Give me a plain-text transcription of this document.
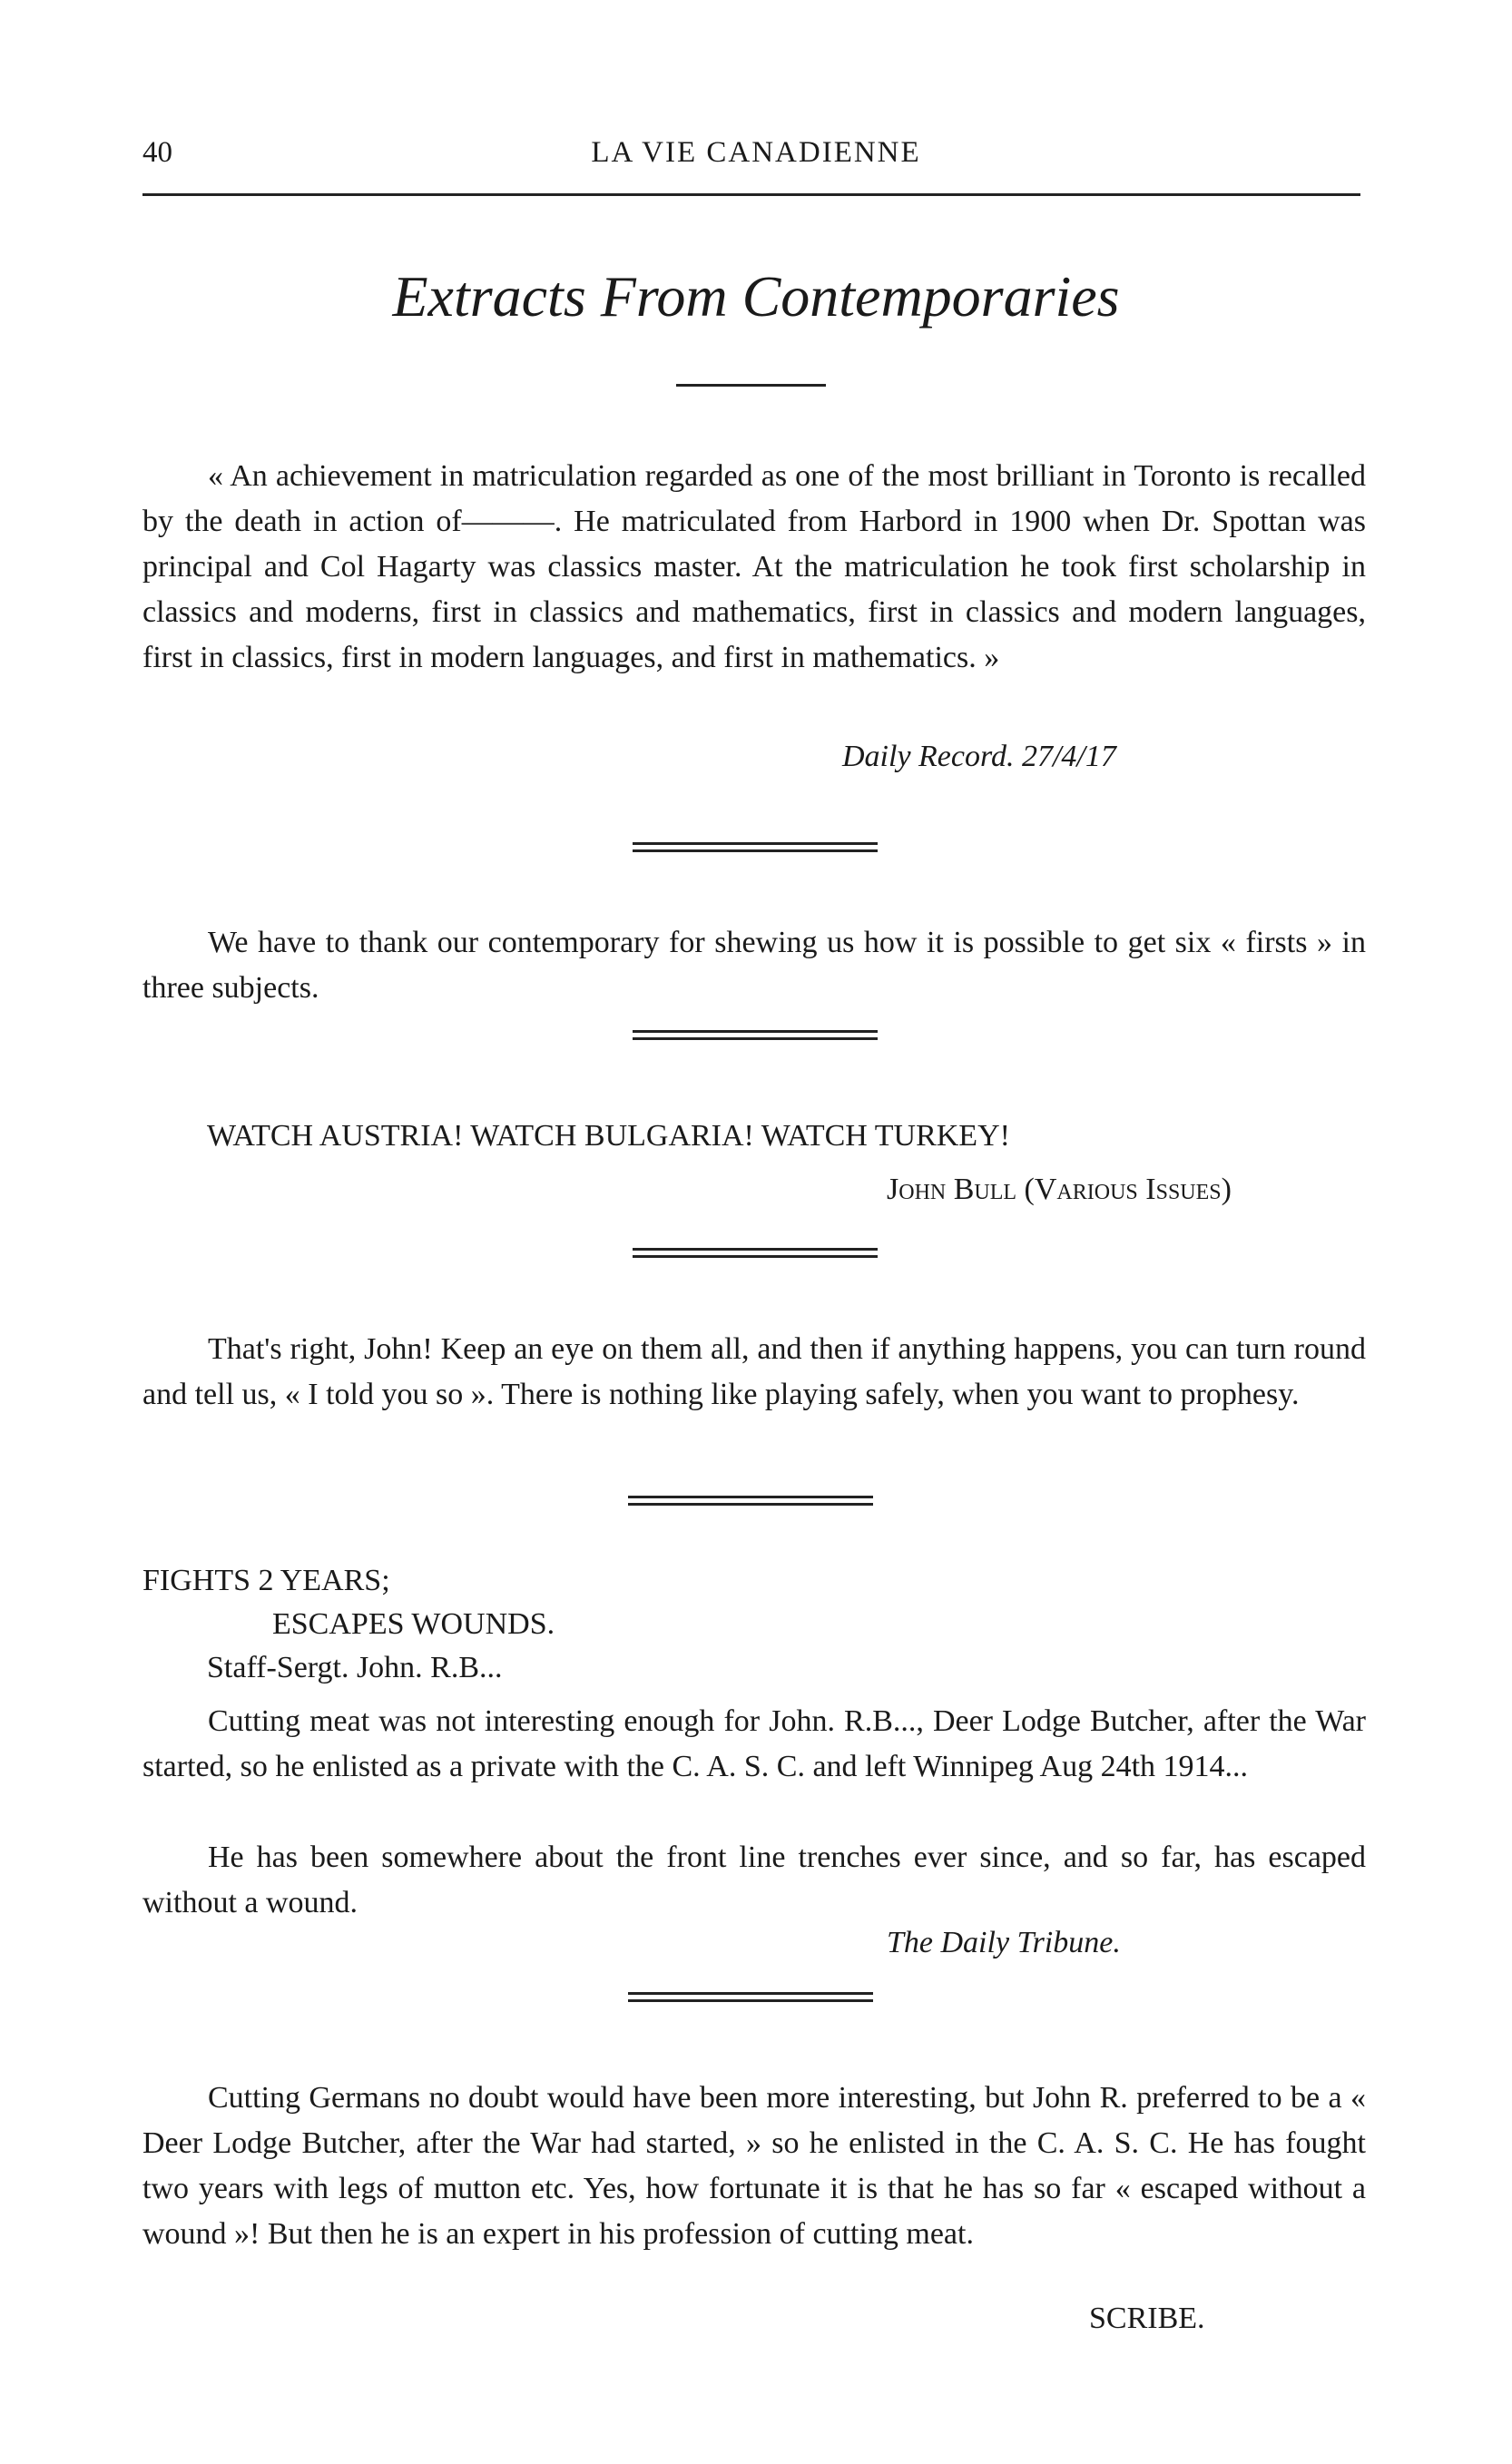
40	LA VIE CANADIENNE
Extracts From Contemporaries
« An achievement in matriculation regarded as one of the most brilliant in Toronto is recalled by the death in action of———. He matriculated from Harbord in 1900 when Dr. Spottan was principal and Col Hagarty was classics master. At the matriculation he took first scholarship in classics and moderns, first in classics and mathematics, first in classics and modern languages, first in classics, first in modern languages, and first in mathematics. »
Daily Record. 27/4/17
We have to thank our contemporary for shewing us how it is possible to get six « firsts » in three subjects.
WATCH AUSTRIA! WATCH BULGARIA! WATCH TURKEY!
John Bull (Various Issues)
That's right, John! Keep an eye on them all, and then if anything happens, you can turn round and tell us, « I told you so ». There is nothing like playing safely, when you want to prophesy.
FIGHTS 2 YEARS;
ESCAPES WOUNDS.
Staff-Sergt. John. R.B...
Cutting meat was not interesting enough for John. R.B..., Deer Lodge Butcher, after the War started, so he enlisted as a private with the C. A. S. C. and left Winnipeg Aug 24th 1914...
He has been somewhere about the front line trenches ever since, and so far, has escaped without a wound.
The Daily Tribune.
Cutting Germans no doubt would have been more interesting, but John R. preferred to be a « Deer Lodge Butcher, after the War had started, » so he enlisted in the C. A. S. C. He has fought two years with legs of mutton etc. Yes, how fortunate it is that he has so far « escaped without a wound »! But then he is an expert in his profession of cutting meat.
SCRIBE.
